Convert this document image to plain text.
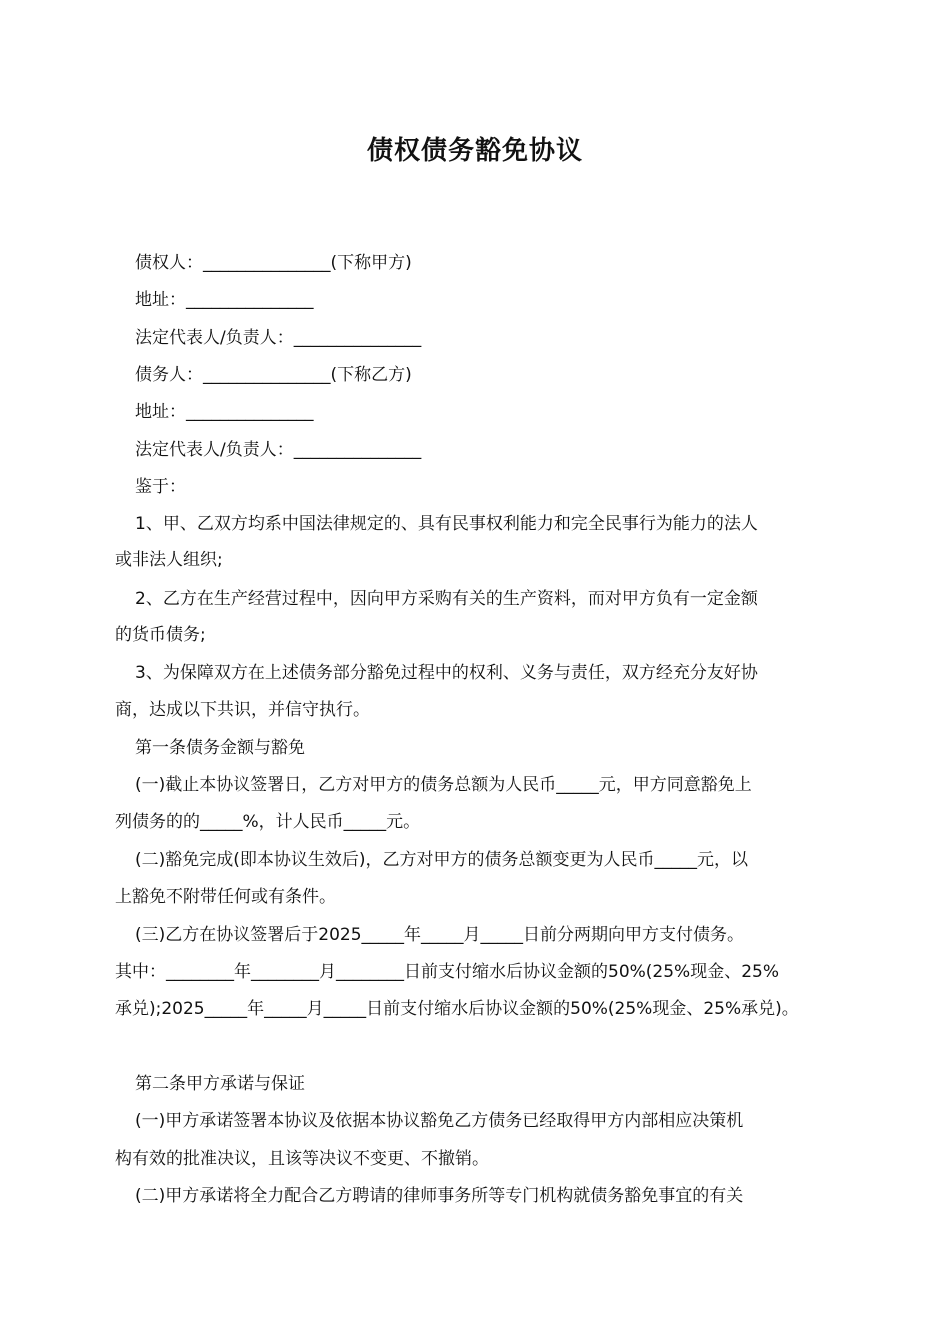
债权债务豁免协议
债权人：_______________(下称甲方)
地址：_______________
法定代表人/负责人：_______________
债务人：_______________(下称乙方)
地址：_______________
法定代表人/负责人：_______________
鉴于：
1、甲、乙双方均系中国法律规定的、具有民事权利能力和完全民事行为能力的法人
或非法人组织;
2、乙方在生产经营过程中，因向甲方采购有关的生产资料，而对甲方负有一定金额
的货币债务;
3、为保障双方在上述债务部分豁免过程中的权利、义务与责任，双方经充分友好协
商，达成以下共识，并信守执行。
第一条债务金额与豁免
(一)截止本协议签署日，乙方对甲方的债务总额为人民币_____元，甲方同意豁免上
列债务的的_____%，计人民币_____元。
(二)豁免完成(即本协议生效后)，乙方对甲方的债务总额变更为人民币_____元，以
上豁免不附带任何或有条件。
(三)乙方在协议签署后于2025_____年_____月_____日前分两期向甲方支付债务。
其中：________年________月________日前支付缩水后协议金额的50%(25%现金、25%
承兑);2025_____年_____月_____日前支付缩水后协议金额的50%(25%现金、25%承兑)。
第二条甲方承诺与保证
(一)甲方承诺签署本协议及依据本协议豁免乙方债务已经取得甲方内部相应决策机
构有效的批准决议，且该等决议不变更、不撤销。
(二)甲方承诺将全力配合乙方聘请的律师事务所等专门机构就债务豁免事宜的有关
